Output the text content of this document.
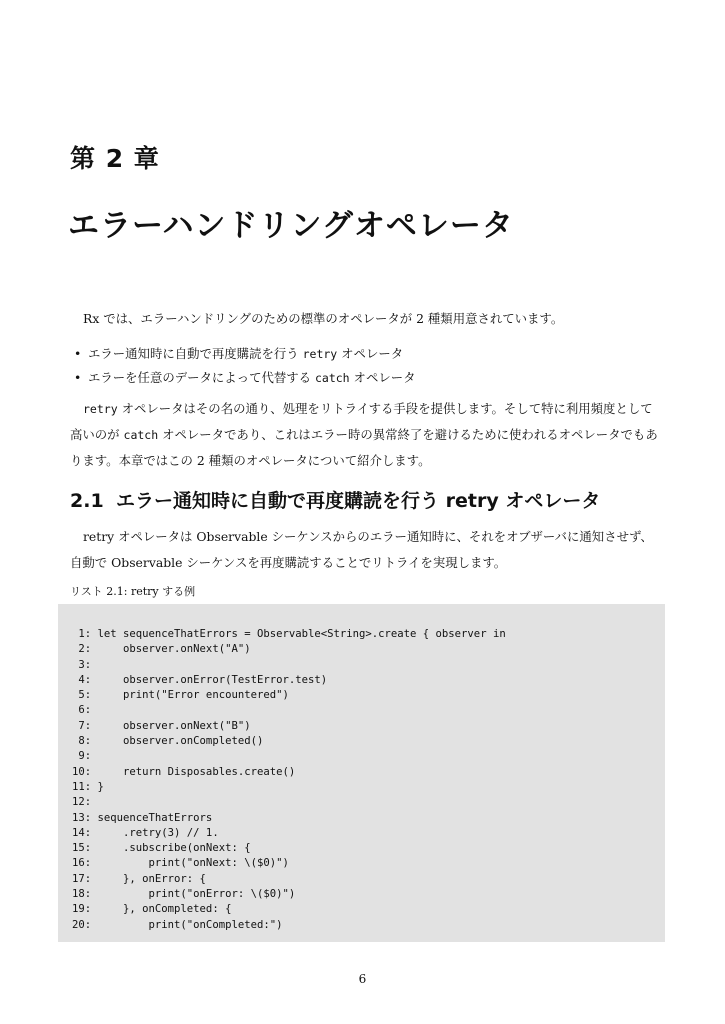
第 2 章
エラーハンドリングオペレータ
Rx では、エラーハンドリングのための標準のオペレータが 2 種類用意されています。
• エラー通知時に自動で再度購読を行う retry オペレータ
• エラーを任意のデータによって代替する catch オペレータ
retry オペレータはその名の通り、処理をリトライする手段を提供します。そして特に利用頻度として高いのが catch オペレータであり、これはエラー時の異常終了を避けるために使われるオペレータでもあります。本章ではこの 2 種類のオペレータについて紹介します。
2.1 エラー通知時に自動で再度購読を行う retry オペレータ
retry オペレータは Observable シーケンスからのエラー通知時に、それをオブザーバに通知させず、自動で Observable シーケンスを再度購読することでリトライを実現します。
リスト 2.1: retry する例
1: let sequenceThatErrors = Observable<String>.create { observer in
2:     observer.onNext("A")
3:
4:     observer.onError(TestError.test)
5:     print("Error encountered")
6:
7:     observer.onNext("B")
8:     observer.onCompleted()
9:
10:     return Disposables.create()
11: }
12:
13: sequenceThatErrors
14:     .retry(3) // 1.
15:     .subscribe(onNext: {
16:         print("onNext: \($0)")
17:     }, onError: {
18:         print("onError: \($0)")
19:     }, onCompleted: {
20:         print("onCompleted:")
6
